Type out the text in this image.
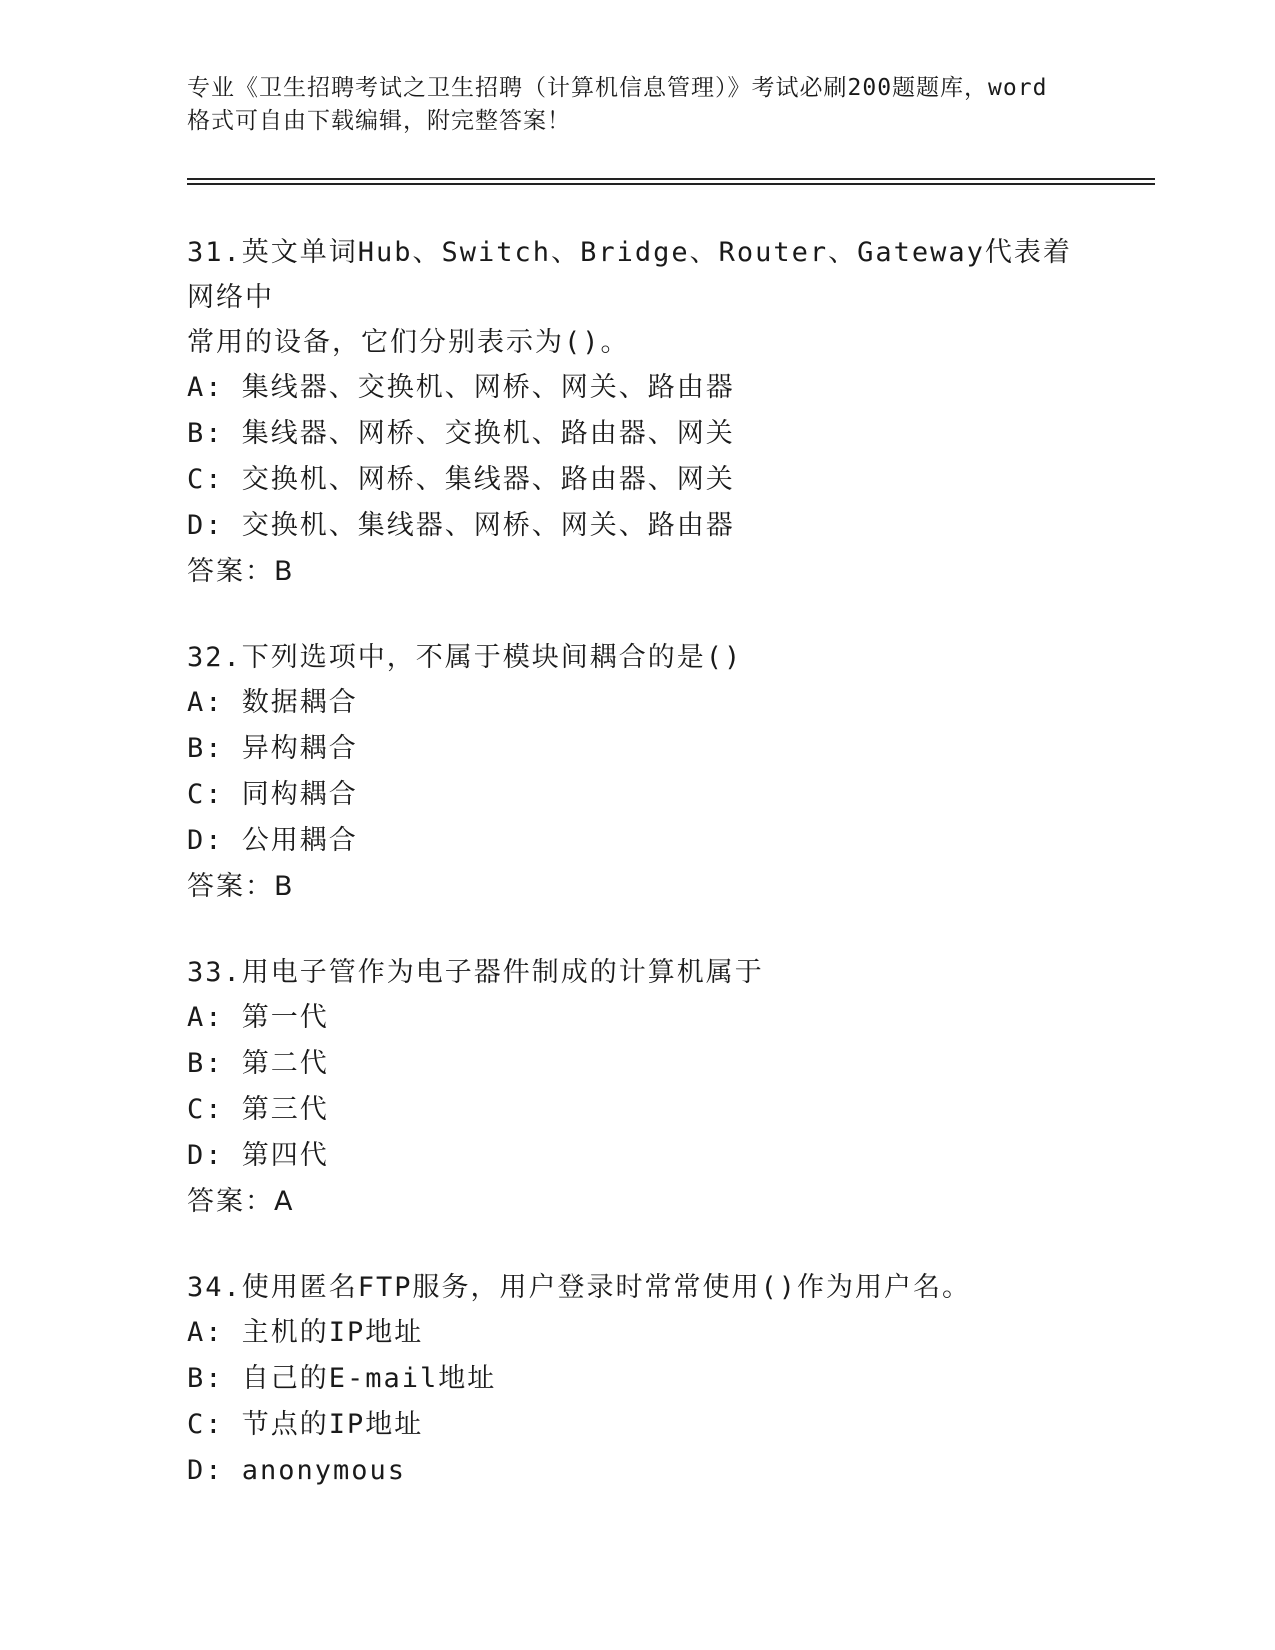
专业《卫生招聘考试之卫生招聘（计算机信息管理）》考试必刷200题题库，word
格式可自由下载编辑，附完整答案！
31.英文单词Hub、Switch、Bridge、Router、Gateway代表着网络中
常用的设备，它们分别表示为()。
A: 集线器、交换机、网桥、网关、路由器
B: 集线器、网桥、交换机、路由器、网关
C: 交换机、网桥、集线器、路由器、网关
D: 交换机、集线器、网桥、网关、路由器
答案：B
32.下列选项中，不属于模块间耦合的是()
A: 数据耦合
B: 异构耦合
C: 同构耦合
D: 公用耦合
答案：B
33.用电子管作为电子器件制成的计算机属于
A: 第一代
B: 第二代
C: 第三代
D: 第四代
答案：A
34.使用匿名FTP服务，用户登录时常常使用()作为用户名。
A: 主机的IP地址
B: 自己的E-mail地址
C: 节点的IP地址
D: anonymous
